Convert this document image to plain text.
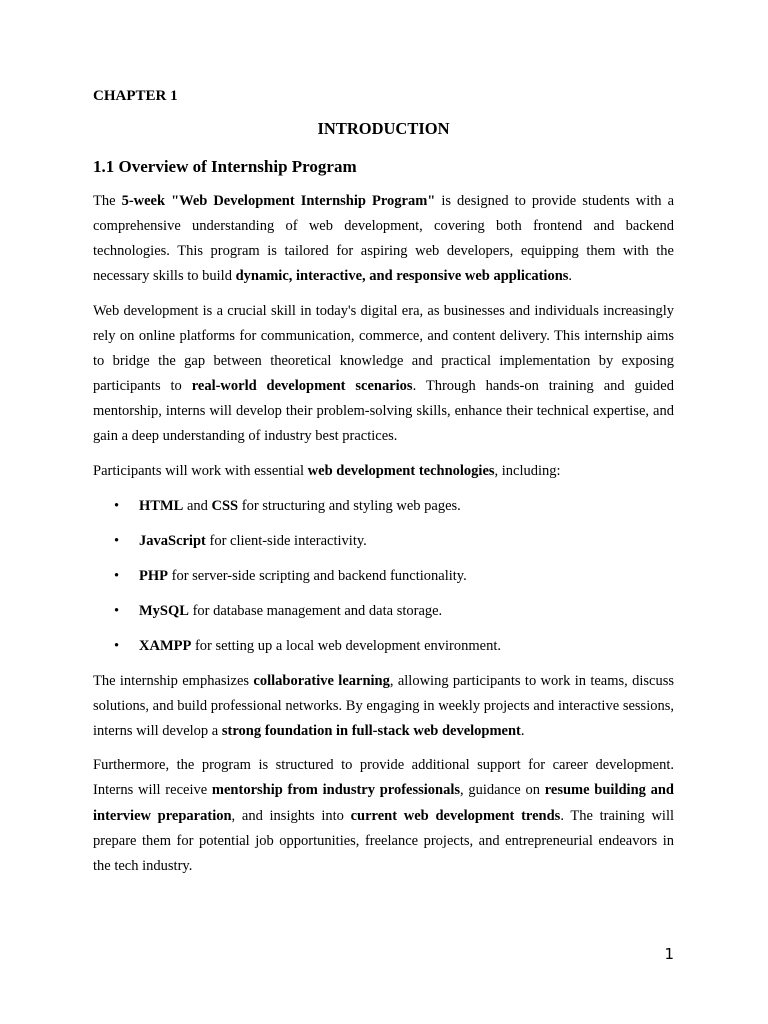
CHAPTER 1
INTRODUCTION
1.1 Overview of Internship Program

The 5-week "Web Development Internship Program" is designed to provide students with a comprehensive understanding of web development, covering both frontend and backend technologies. This program is tailored for aspiring web developers, equipping them with the necessary skills to build dynamic, interactive, and responsive web applications.

Web development is a crucial skill in today's digital era, as businesses and individuals increasingly rely on online platforms for communication, commerce, and content delivery. This internship aims to bridge the gap between theoretical knowledge and practical implementation by exposing participants to real-world development scenarios. Through hands-on training and guided mentorship, interns will develop their problem-solving skills, enhance their technical expertise, and gain a deep understanding of industry best practices.

Participants will work with essential web development technologies, including:

• HTML and CSS for structuring and styling web pages.
• JavaScript for client-side interactivity.
• PHP for server-side scripting and backend functionality.
• MySQL for database management and data storage.
• XAMPP for setting up a local web development environment.

The internship emphasizes collaborative learning, allowing participants to work in teams, discuss solutions, and build professional networks. By engaging in weekly projects and interactive sessions, interns will develop a strong foundation in full-stack web development.

Furthermore, the program is structured to provide additional support for career development. Interns will receive mentorship from industry professionals, guidance on resume building and interview preparation, and insights into current web development trends. The training will prepare them for potential job opportunities, freelance projects, and entrepreneurial endeavors in the tech industry.

1
